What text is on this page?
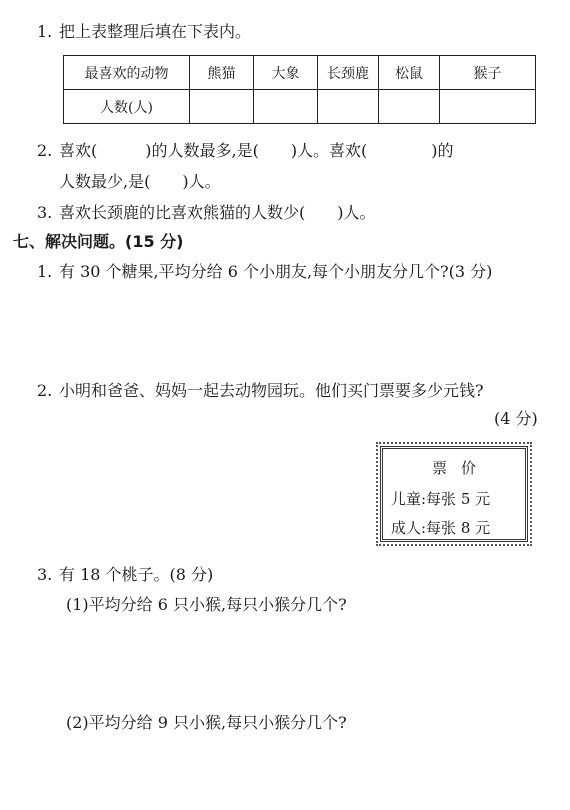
1. 把上表整理后填在下表内。
最喜欢的动物	熊猫	大象	长颈鹿	松鼠	猴子
人数(人)					
2. 喜欢(　　　)的人数最多,是(　　)人。喜欢(　　　　)的
人数最少,是(　　)人。
3. 喜欢长颈鹿的比喜欢熊猫的人数少(　　)人。
七、解决问题。(15 分)
1. 有 30 个糖果,平均分给 6 个小朋友,每个小朋友分几个?(3 分)
2. 小明和爸爸、妈妈一起去动物园玩。他们买门票要多少元钱?
(4 分)
票价
儿童:每张 5 元
成人:每张 8 元
3. 有 18 个桃子。(8 分)
(1)平均分给 6 只小猴,每只小猴分几个?
(2)平均分给 9 只小猴,每只小猴分几个?
